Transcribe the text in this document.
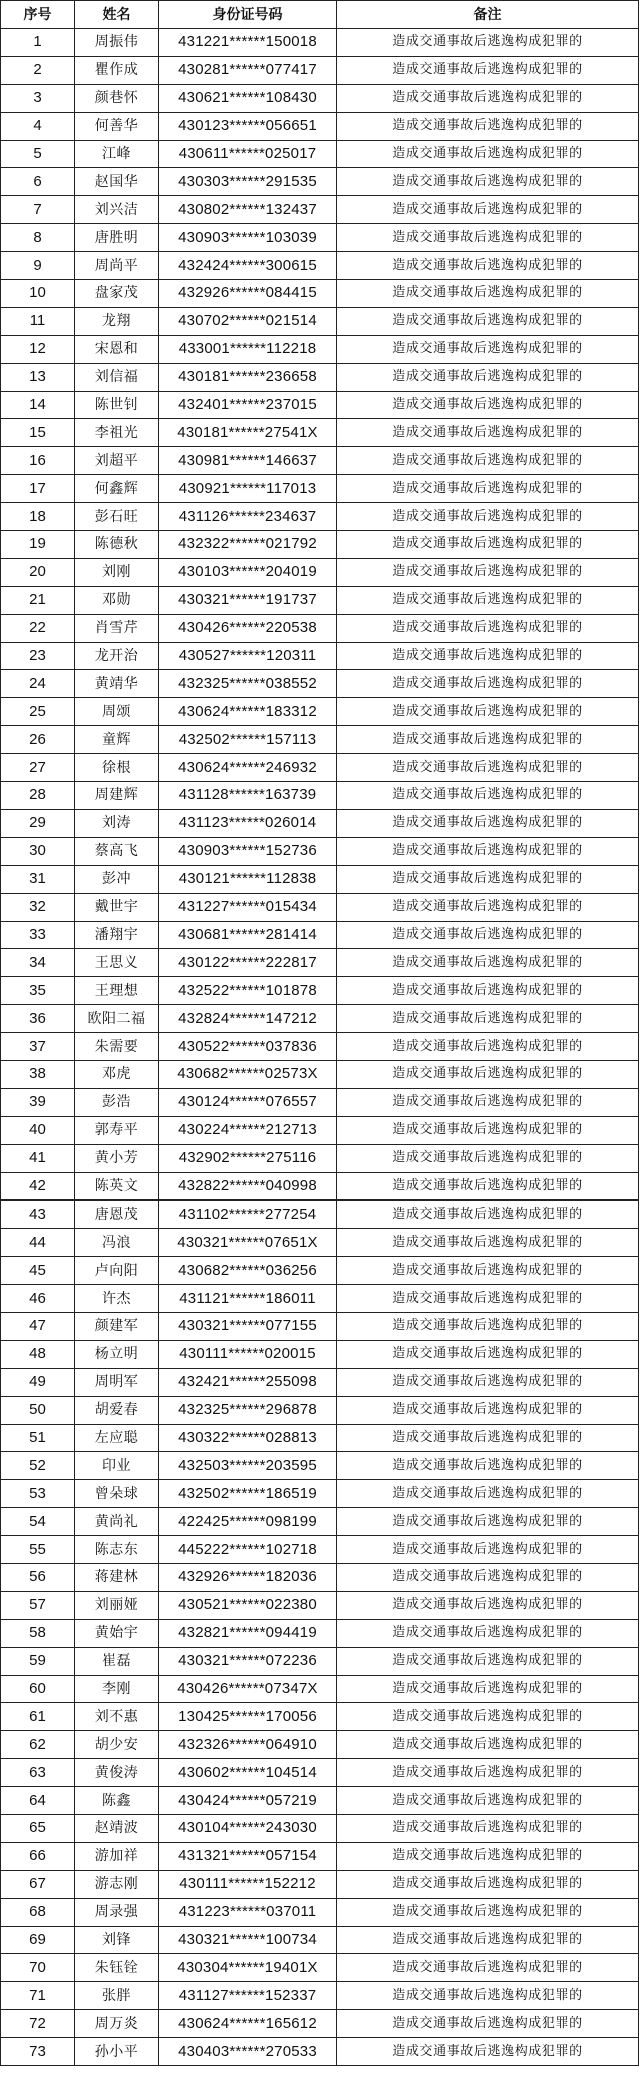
序号	姓名	身份证号码	备注
1	周振伟	431221******150018	造成交通事故后逃逸构成犯罪的
2	瞿作成	430281******077417	造成交通事故后逃逸构成犯罪的
3	颜巷怀	430621******108430	造成交通事故后逃逸构成犯罪的
4	何善华	430123******056651	造成交通事故后逃逸构成犯罪的
5	江峰	430611******025017	造成交通事故后逃逸构成犯罪的
6	赵国华	430303******291535	造成交通事故后逃逸构成犯罪的
7	刘兴洁	430802******132437	造成交通事故后逃逸构成犯罪的
8	唐胜明	430903******103039	造成交通事故后逃逸构成犯罪的
9	周尚平	432424******300615	造成交通事故后逃逸构成犯罪的
10	盘家茂	432926******084415	造成交通事故后逃逸构成犯罪的
11	龙翔	430702******021514	造成交通事故后逃逸构成犯罪的
12	宋恩和	433001******112218	造成交通事故后逃逸构成犯罪的
13	刘信福	430181******236658	造成交通事故后逃逸构成犯罪的
14	陈世钊	432401******237015	造成交通事故后逃逸构成犯罪的
15	李祖光	430181******27541X	造成交通事故后逃逸构成犯罪的
16	刘超平	430981******146637	造成交通事故后逃逸构成犯罪的
17	何鑫辉	430921******117013	造成交通事故后逃逸构成犯罪的
18	彭石旺	431126******234637	造成交通事故后逃逸构成犯罪的
19	陈德秋	432322******021792	造成交通事故后逃逸构成犯罪的
20	刘刚	430103******204019	造成交通事故后逃逸构成犯罪的
21	邓勋	430321******191737	造成交通事故后逃逸构成犯罪的
22	肖雪芹	430426******220538	造成交通事故后逃逸构成犯罪的
23	龙开治	430527******120311	造成交通事故后逃逸构成犯罪的
24	黄靖华	432325******038552	造成交通事故后逃逸构成犯罪的
25	周颂	430624******183312	造成交通事故后逃逸构成犯罪的
26	童辉	432502******157113	造成交通事故后逃逸构成犯罪的
27	徐根	430624******246932	造成交通事故后逃逸构成犯罪的
28	周建辉	431128******163739	造成交通事故后逃逸构成犯罪的
29	刘涛	431123******026014	造成交通事故后逃逸构成犯罪的
30	蔡高飞	430903******152736	造成交通事故后逃逸构成犯罪的
31	彭冲	430121******112838	造成交通事故后逃逸构成犯罪的
32	戴世宇	431227******015434	造成交通事故后逃逸构成犯罪的
33	潘翔宇	430681******281414	造成交通事故后逃逸构成犯罪的
34	王思义	430122******222817	造成交通事故后逃逸构成犯罪的
35	王理想	432522******101878	造成交通事故后逃逸构成犯罪的
36	欧阳二福	432824******147212	造成交通事故后逃逸构成犯罪的
37	朱需要	430522******037836	造成交通事故后逃逸构成犯罪的
38	邓虎	430682******02573X	造成交通事故后逃逸构成犯罪的
39	彭浩	430124******076557	造成交通事故后逃逸构成犯罪的
40	郭寿平	430224******212713	造成交通事故后逃逸构成犯罪的
41	黄小芳	432902******275116	造成交通事故后逃逸构成犯罪的
42	陈英文	432822******040998	造成交通事故后逃逸构成犯罪的
43	唐恩茂	431102******277254	造成交通事故后逃逸构成犯罪的
44	冯浪	430321******07651X	造成交通事故后逃逸构成犯罪的
45	卢向阳	430682******036256	造成交通事故后逃逸构成犯罪的
46	许杰	431121******186011	造成交通事故后逃逸构成犯罪的
47	颜建军	430321******077155	造成交通事故后逃逸构成犯罪的
48	杨立明	430111******020015	造成交通事故后逃逸构成犯罪的
49	周明军	432421******255098	造成交通事故后逃逸构成犯罪的
50	胡爱春	432325******296878	造成交通事故后逃逸构成犯罪的
51	左应聪	430322******028813	造成交通事故后逃逸构成犯罪的
52	印业	432503******203595	造成交通事故后逃逸构成犯罪的
53	曾朵球	432502******186519	造成交通事故后逃逸构成犯罪的
54	黄尚礼	422425******098199	造成交通事故后逃逸构成犯罪的
55	陈志东	445222******102718	造成交通事故后逃逸构成犯罪的
56	蒋建林	432926******182036	造成交通事故后逃逸构成犯罪的
57	刘丽娅	430521******022380	造成交通事故后逃逸构成犯罪的
58	黄始宇	432821******094419	造成交通事故后逃逸构成犯罪的
59	崔磊	430321******072236	造成交通事故后逃逸构成犯罪的
60	李刚	430426******07347X	造成交通事故后逃逸构成犯罪的
61	刘不惠	130425******170056	造成交通事故后逃逸构成犯罪的
62	胡少安	432326******064910	造成交通事故后逃逸构成犯罪的
63	黄俊涛	430602******104514	造成交通事故后逃逸构成犯罪的
64	陈鑫	430424******057219	造成交通事故后逃逸构成犯罪的
65	赵靖波	430104******243030	造成交通事故后逃逸构成犯罪的
66	游加祥	431321******057154	造成交通事故后逃逸构成犯罪的
67	游志刚	430111******152212	造成交通事故后逃逸构成犯罪的
68	周录强	431223******037011	造成交通事故后逃逸构成犯罪的
69	刘锋	430321******100734	造成交通事故后逃逸构成犯罪的
70	朱钰铨	430304******19401X	造成交通事故后逃逸构成犯罪的
71	张胖	431127******152337	造成交通事故后逃逸构成犯罪的
72	周万炎	430624******165612	造成交通事故后逃逸构成犯罪的
73	孙小平	430403******270533	造成交通事故后逃逸构成犯罪的
